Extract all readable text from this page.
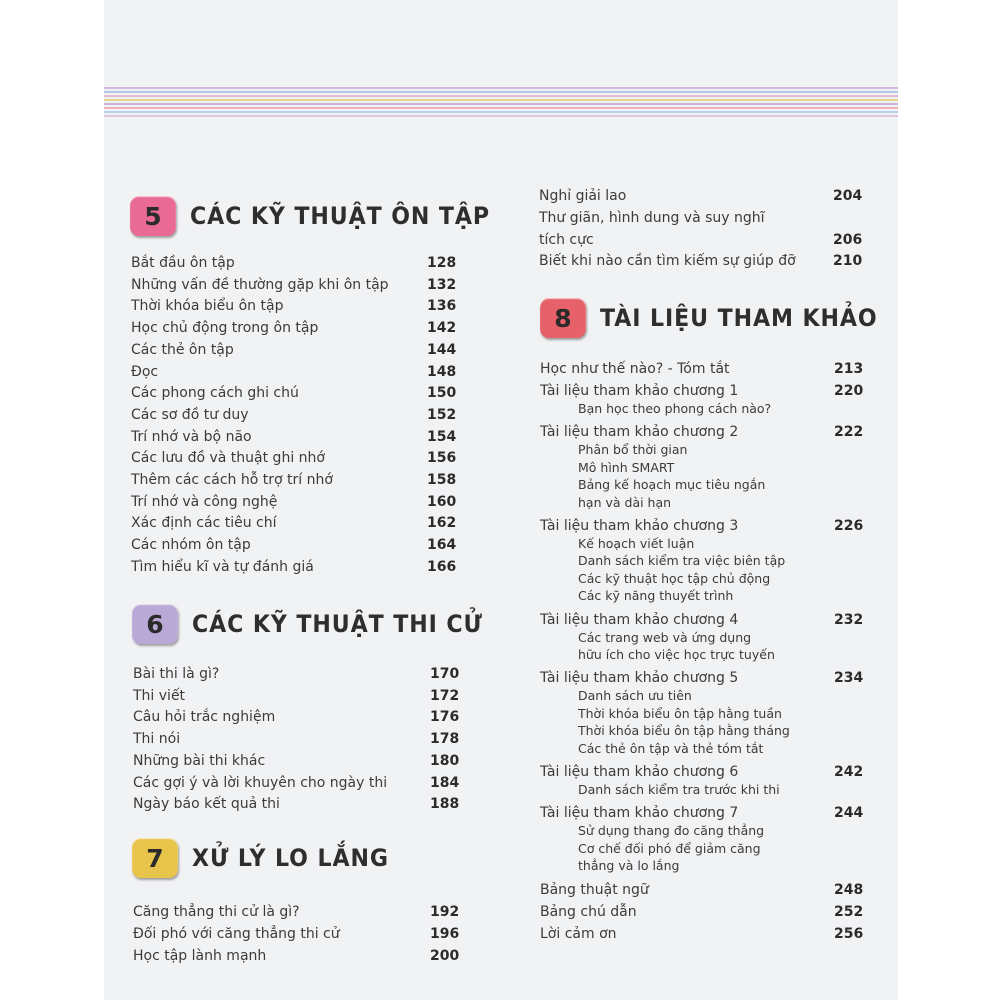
5	CÁC KỸ THUẬT ÔN TẬP
6	CÁC KỸ THUẬT THI CỬ
7	XỬ LÝ LO LẮNG
8	TÀI LIỆU THAM KHẢO
Bắt đầu ôn tập	128
Những vấn đề thường gặp khi ôn tập	132
Thời khóa biểu ôn tập	136
Học chủ động trong ôn tập	142
Các thẻ ôn tập	144
Đọc	148
Các phong cách ghi chú	150
Các sơ đồ tư duy	152
Trí nhớ và bộ não	154
Các lưu đồ và thuật ghi nhớ	156
Thêm các cách hỗ trợ trí nhớ	158
Trí nhớ và công nghệ	160
Xác định các tiêu chí	162
Các nhóm ôn tập	164
Tìm hiểu kĩ và tự đánh giá	166
Bài thi là gì?	170
Thi viết	172
Câu hỏi trắc nghiệm	176
Thi nói	178
Những bài thi khác	180
Các gợi ý và lời khuyên cho ngày thi	184
Ngày báo kết quả thi	188
Căng thẳng thi cử là gì?	192
Đối phó với căng thẳng thi cử	196
Học tập lành mạnh	200
Nghỉ giải lao	204
Thư giãn, hình dung và suy nghĩ
tích cực	206
Biết khi nào cần tìm kiếm sự giúp đỡ	210
Học như thế nào? - Tóm tắt	213
Tài liệu tham khảo chương 1	220
Bạn học theo phong cách nào?
Tài liệu tham khảo chương 2	222
Phân bổ thời gian
Mô hình SMART
Bảng kế hoạch mục tiêu ngắn
hạn và dài hạn
Tài liệu tham khảo chương 3	226
Kế hoạch viết luận
Danh sách kiểm tra việc biên tập
Các kỹ thuật học tập chủ động
Các kỹ năng thuyết trình
Tài liệu tham khảo chương 4	232
Các trang web và ứng dụng
hữu ích cho việc học trực tuyến
Tài liệu tham khảo chương 5	234
Danh sách ưu tiên
Thời khóa biểu ôn tập hằng tuần
Thời khóa biểu ôn tập hằng tháng
Các thẻ ôn tập và thẻ tóm tắt
Tài liệu tham khảo chương 6	242
Danh sách kiểm tra trước khi thi
Tài liệu tham khảo chương 7	244
Sử dụng thang đo căng thẳng
Cơ chế đối phó để giảm căng
thẳng và lo lắng
Bảng thuật ngữ	248
Bảng chú dẫn	252
Lời cảm ơn	256
